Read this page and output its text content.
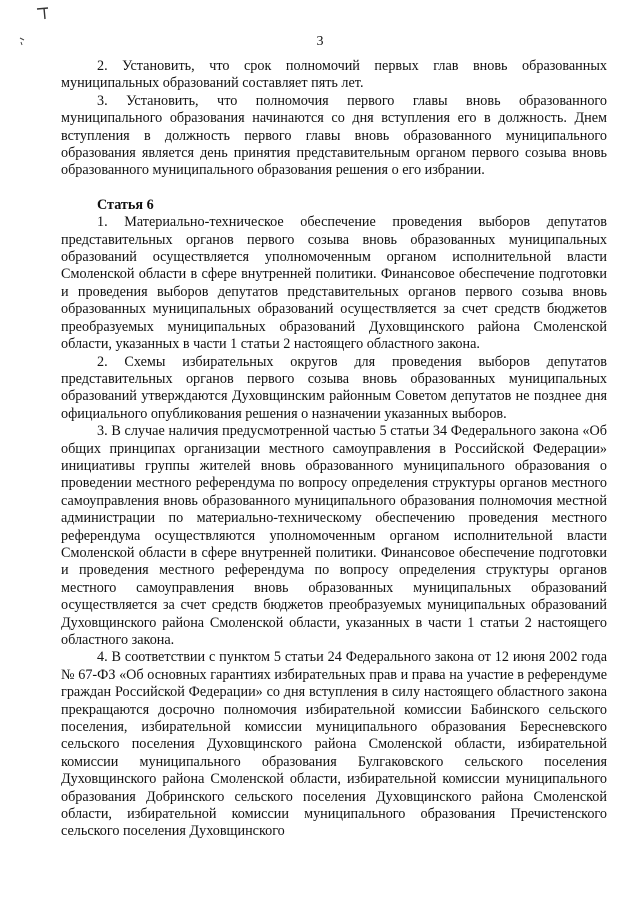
3

2. Установить, что срок полномочий первых глав вновь образованных муниципальных образований составляет пять лет.

3. Установить, что полномочия первого главы вновь образованного муниципального образования начинаются со дня вступления его в должность. Днем вступления в должность первого главы вновь образованного муниципального образования является день принятия представительным органом первого созыва вновь образованного муниципального образования решения о его избрании.

Статья 6

1. Материально-техническое обеспечение проведения выборов депутатов представительных органов первого созыва вновь образованных муниципальных образований осуществляется уполномоченным органом исполнительной власти Смоленской области в сфере внутренней политики. Финансовое обеспечение подготовки и проведения выборов депутатов представительных органов первого созыва вновь образованных муниципальных образований осуществляется за счет средств бюджетов преобразуемых муниципальных образований Духовщинского района Смоленской области, указанных в части 1 статьи 2 настоящего областного закона.

2. Схемы избирательных округов для проведения выборов депутатов представительных органов первого созыва вновь образованных муниципальных образований утверждаются Духовщинским районным Советом депутатов не позднее дня официального опубликования решения о назначении указанных выборов.

3. В случае наличия предусмотренной частью 5 статьи 34 Федерального закона «Об общих принципах организации местного самоуправления в Российской Федерации» инициативы группы жителей вновь образованного муниципального образования о проведении местного референдума по вопросу определения структуры органов местного самоуправления вновь образованного муниципального образования полномочия местной администрации по материально-техническому обеспечению проведения местного референдума осуществляются уполномоченным органом исполнительной власти Смоленской области в сфере внутренней политики. Финансовое обеспечение подготовки и проведения местного референдума по вопросу определения структуры органов местного самоуправления вновь образованных муниципальных образований осуществляется за счет средств бюджетов преобразуемых муниципальных образований Духовщинского района Смоленской области, указанных в части 1 статьи 2 настоящего областного закона.

4. В соответствии с пунктом 5 статьи 24 Федерального закона от 12 июня 2002 года № 67-ФЗ «Об основных гарантиях избирательных прав и права на участие в референдуме граждан Российской Федерации» со дня вступления в силу настоящего областного закона прекращаются досрочно полномочия избирательной комиссии Бабинского сельского поселения, избирательной комиссии муниципального образования Бересневского сельского поселения Духовщинского района Смоленской области, избирательной комиссии муниципального образования Булгаковского сельского поселения Духовщинского района Смоленской области, избирательной комиссии муниципального образования Добринского сельского поселения Духовщинского района Смоленской области, избирательной комиссии муниципального образования Пречистенского сельского поселения Духовщинского
